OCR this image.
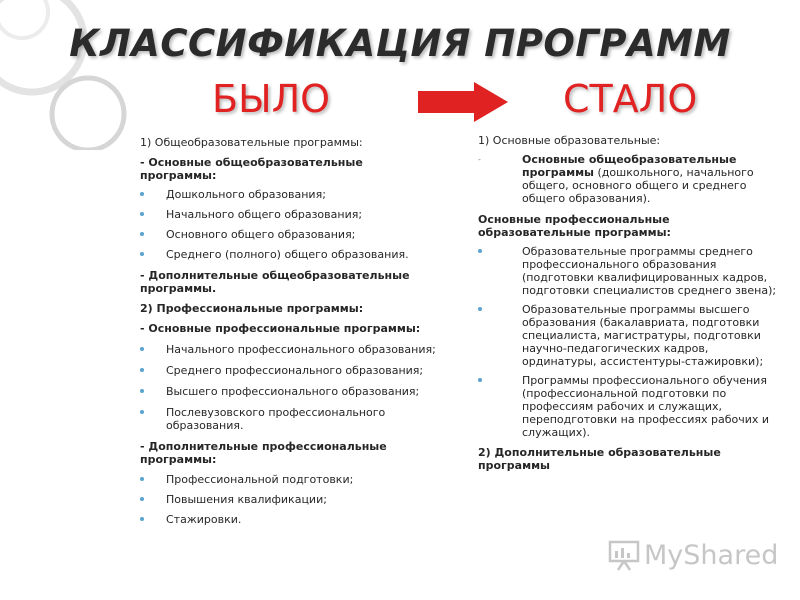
КЛАССИФИКАЦИЯ ПРОГРАММ
БЫЛО	СТАЛО

1) Общеобразовательные программы:

- Основные общеобразовательные программы:

Дошкольного образования;
Начального общего образования;
Основного общего образования;
Среднего (полного) общего образования.

- Дополнительные общеобразовательные программы.

2) Профессиональные программы:

- Основные профессиональные программы:

Начального профессионального образования;
Среднего профессионального образования;
Высшего профессионального образования;
Послевузовского профессионального образования.

- Дополнительные профессиональные программы:

Профессиональной подготовки;
Повышения квалификации;
Стажировки.

1) Основные образовательные:

-	Основные общеобразовательные программы (дошкольного, начального общего, основного общего и среднего общего образования).

Основные профессиональные образовательные программы:

Образовательные программы среднего профессионального образования (подготовки квалифицированных кадров, подготовки специалистов среднего звена);
Образовательные программы высшего образования (бакалавриата, подготовки специалиста, магистратуры, подготовки научно-педагогических кадров, ординатуры, ассистентуры-стажировки);
Программы профессионального обучения (профессиональной подготовки по профессиям рабочих и служащих, переподготовки на профессиях рабочих и служащих).

2) Дополнительные образовательные программы

MyShared
